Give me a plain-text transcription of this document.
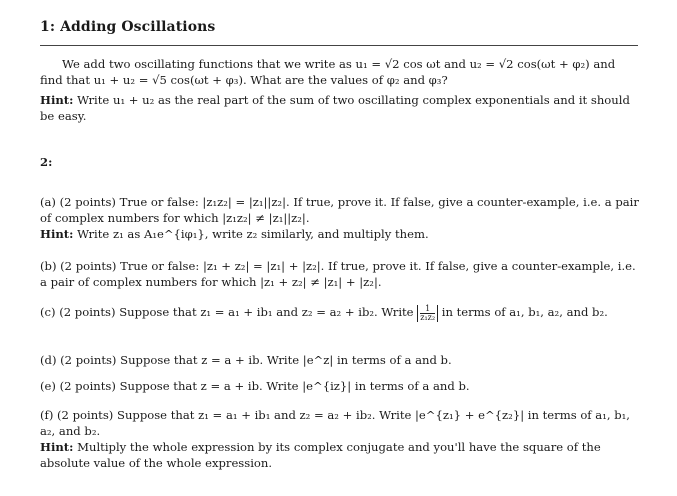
1: Adding Oscillations

We add two oscillating functions that we write as u₁ = √2 cos ωt and u₂ = √2 cos(ωt + φ₂) and find that u₁ + u₂ = √5 cos(ωt + φ₃). What are the values of φ₂ and φ₃?

Hint: Write u₁ + u₂ as the real part of the sum of two oscillating complex exponentials and it should be easy.

2:

(a) (2 points) True or false: |z₁z₂| = |z₁||z₂|. If true, prove it. If false, give a counter-example, i.e. a pair of complex numbers for which |z₁z₂| ≠ |z₁||z₂|.
Hint: Write z₁ as A₁e^{iφ₁}, write z₂ similarly, and multiply them.

(b) (2 points) True or false: |z₁ + z₂| = |z₁| + |z₂|. If true, prove it. If false, give a counter-example, i.e. a pair of complex numbers for which |z₁ + z₂| ≠ |z₁| + |z₂|.

(c) (2 points) Suppose that z₁ = a₁ + ib₁ and z₂ = a₂ + ib₂. Write $\frac{1}{\text{z₁z₂}}$ in terms of a₁, b₁, a₂, and b₂.

(d) (2 points) Suppose that z = a + ib. Write |e^z| in terms of a and b.

(e) (2 points) Suppose that z = a + ib. Write |e^{iz}| in terms of a and b.

(f) (2 points) Suppose that z₁ = a₁ + ib₁ and z₂ = a₂ + ib₂. Write |e^{z₁} + e^{z₂}| in terms of a₁, b₁, a₂, and b₂.
Hint: Multiply the whole expression by its complex conjugate and you'll have the square of the absolute value of the whole expression.
